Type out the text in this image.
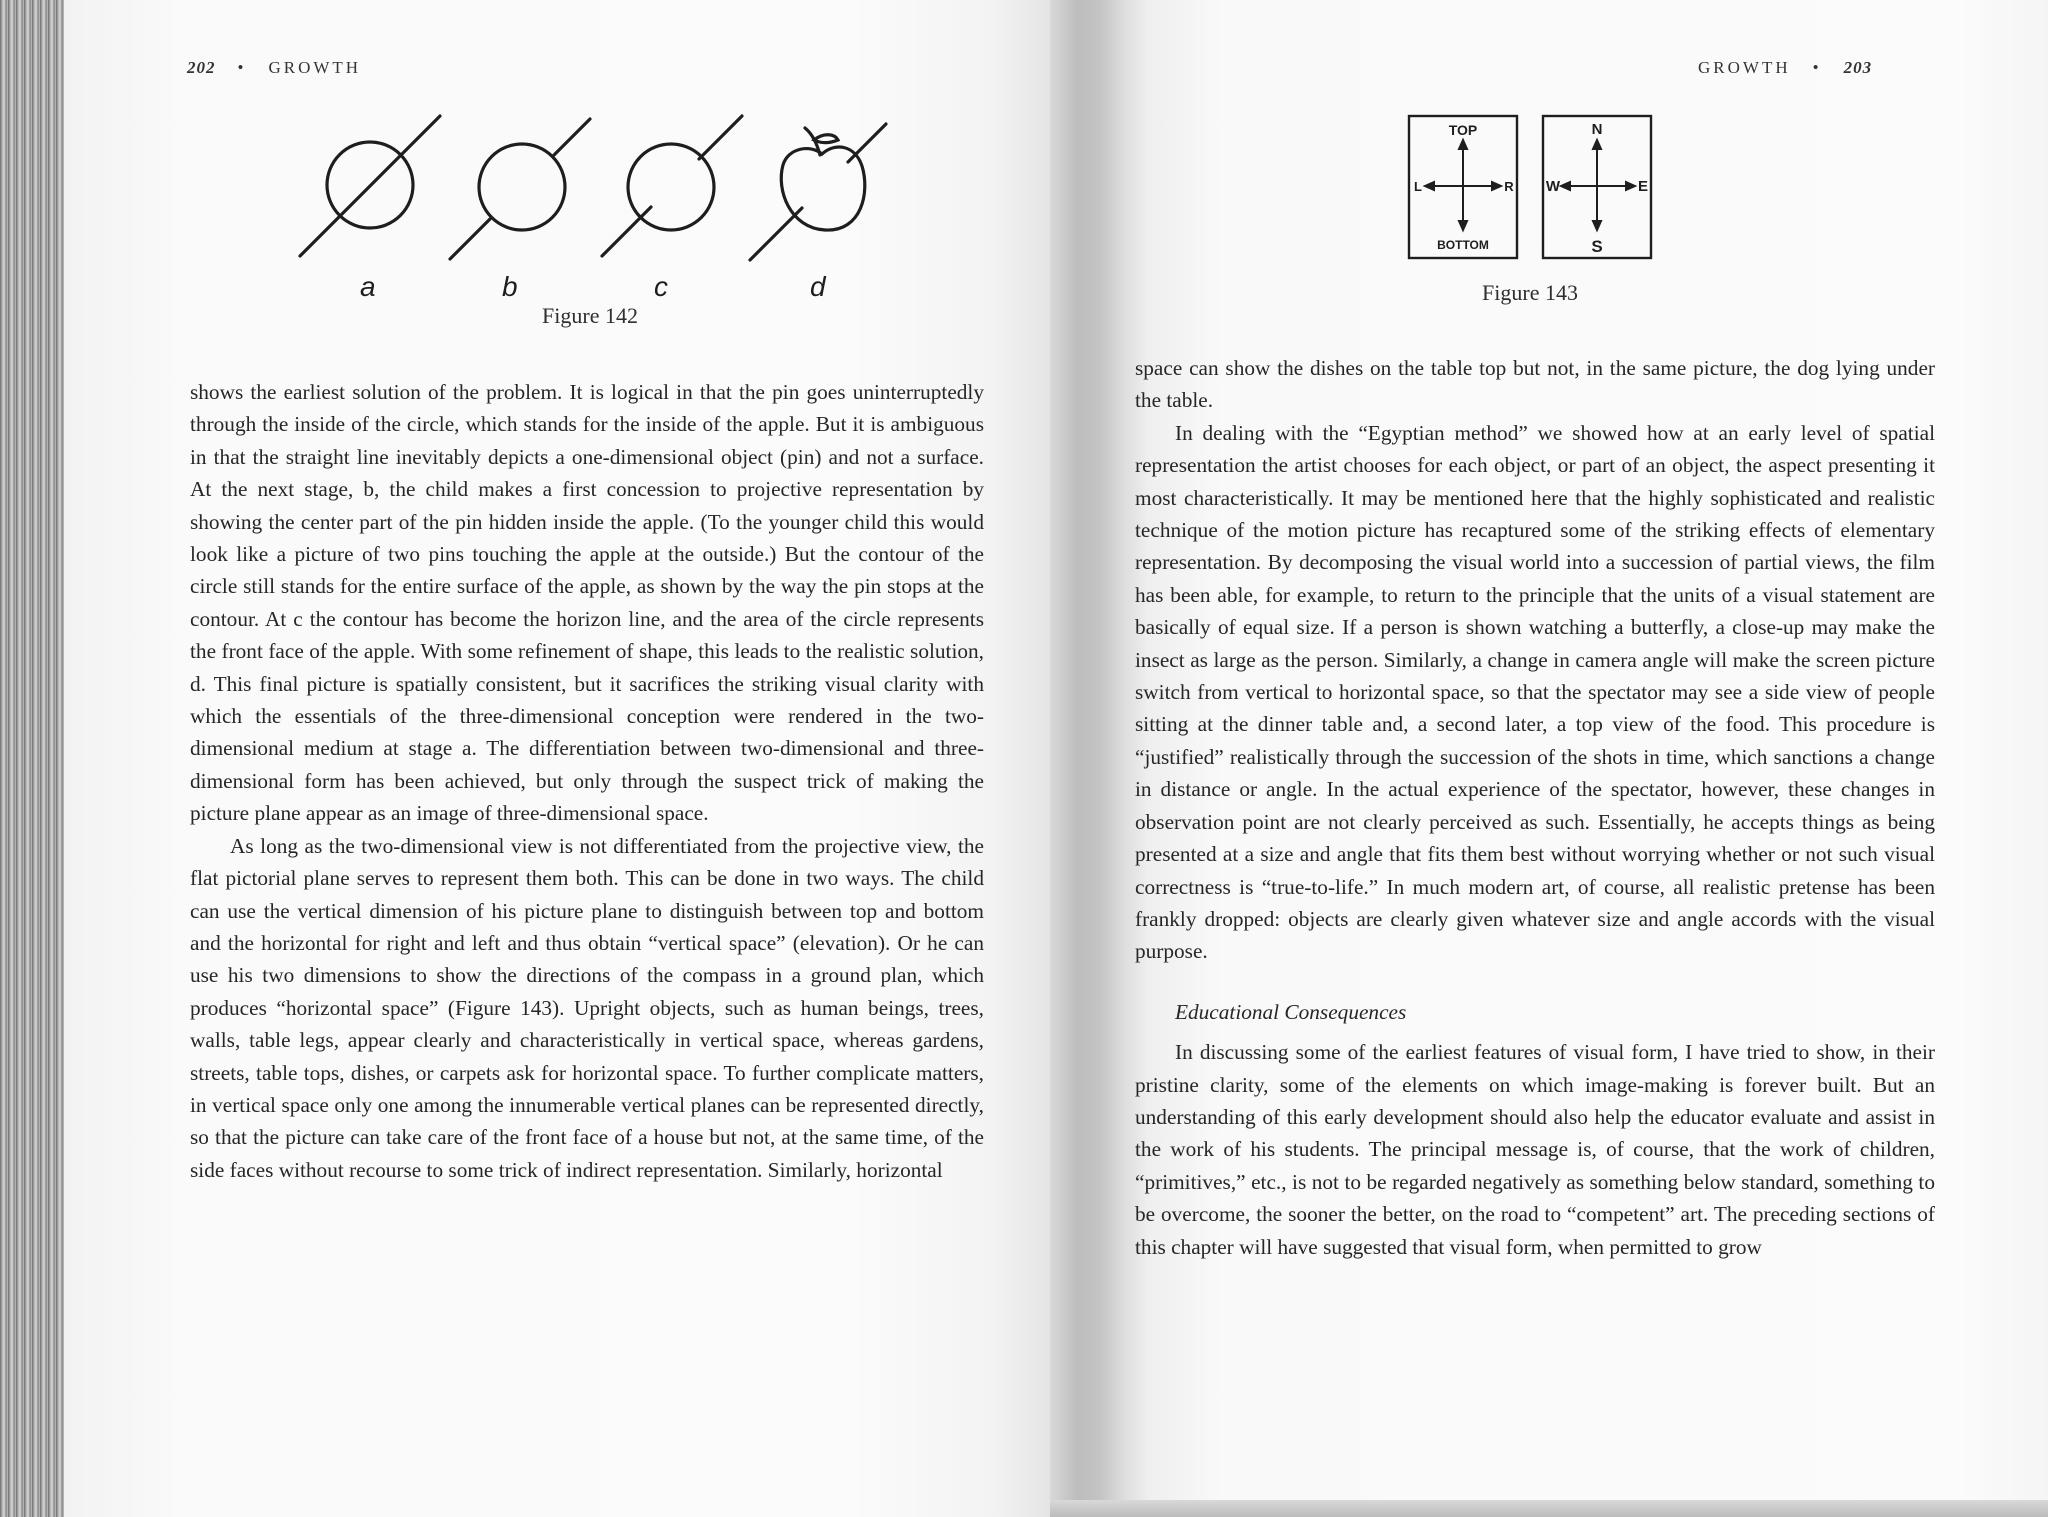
202 • GROWTH
a	b	c	d
Figure 142

shows the earliest solution of the problem. It is logical in that the pin goes uninterruptedly through the inside of the circle, which stands for the inside of the apple. But it is ambiguous in that the straight line inevitably depicts a one-dimensional object (pin) and not a surface. At the next stage, b, the child makes a first concession to projective representation by showing the center part of the pin hidden inside the apple. (To the younger child this would look like a picture of two pins touching the apple at the outside.) But the contour of the circle still stands for the entire surface of the apple, as shown by the way the pin stops at the contour. At c the contour has become the horizon line, and the area of the circle represents the front face of the apple. With some refinement of shape, this leads to the realistic solution, d. This final picture is spatially consistent, but it sacrifices the striking visual clarity with which the essentials of the three-dimensional conception were rendered in the two-dimensional medium at stage a. The differentiation between two-dimensional and three-dimensional form has been achieved, but only through the suspect trick of making the picture plane appear as an image of three-dimensional space.

As long as the two-dimensional view is not differentiated from the projective view, the flat pictorial plane serves to represent them both. This can be done in two ways. The child can use the vertical dimension of his picture plane to distinguish between top and bottom and the horizontal for right and left and thus obtain “vertical space” (elevation). Or he can use his two dimensions to show the directions of the compass in a ground plan, which produces “horizontal space” (Figure 143). Upright objects, such as human beings, trees, walls, table legs, appear clearly and characteristically in vertical space, whereas gardens, streets, table tops, dishes, or carpets ask for horizontal space. To further complicate matters, in vertical space only one among the innumerable vertical planes can be represented directly, so that the picture can take care of the front face of a house but not, at the same time, of the side faces without recourse to some trick of indirect representation. Similarly, horizontal

GROWTH • 203
TOP
BOTTOM
L	R
N
S
W	E
Figure 143

space can show the dishes on the table top but not, in the same picture, the dog lying under the table.

In dealing with the “Egyptian method” we showed how at an early level of spatial representation the artist chooses for each object, or part of an object, the aspect presenting it most characteristically. It may be mentioned here that the highly sophisticated and realistic technique of the motion picture has recaptured some of the striking effects of elementary representation. By decomposing the visual world into a succession of partial views, the film has been able, for example, to return to the principle that the units of a visual statement are basically of equal size. If a person is shown watching a butterfly, a close-up may make the insect as large as the person. Similarly, a change in camera angle will make the screen picture switch from vertical to horizontal space, so that the spectator may see a side view of people sitting at the dinner table and, a second later, a top view of the food. This procedure is “justified” realistically through the succession of the shots in time, which sanctions a change in distance or angle. In the actual experience of the spectator, however, these changes in observation point are not clearly perceived as such. Essentially, he accepts things as being presented at a size and angle that fits them best without worrying whether or not such visual correctness is “true-to-life.” In much modern art, of course, all realistic pretense has been frankly dropped: objects are clearly given whatever size and angle accords with the visual purpose.

Educational Consequences

In discussing some of the earliest features of visual form, I have tried to show, in their pristine clarity, some of the elements on which image-making is forever built. But an understanding of this early development should also help the educator evaluate and assist in the work of his students. The principal message is, of course, that the work of children, “primitives,” etc., is not to be regarded negatively as something below standard, something to be overcome, the sooner the better, on the road to “competent” art. The preceding sections of this chapter will have suggested that visual form, when permitted to grow
